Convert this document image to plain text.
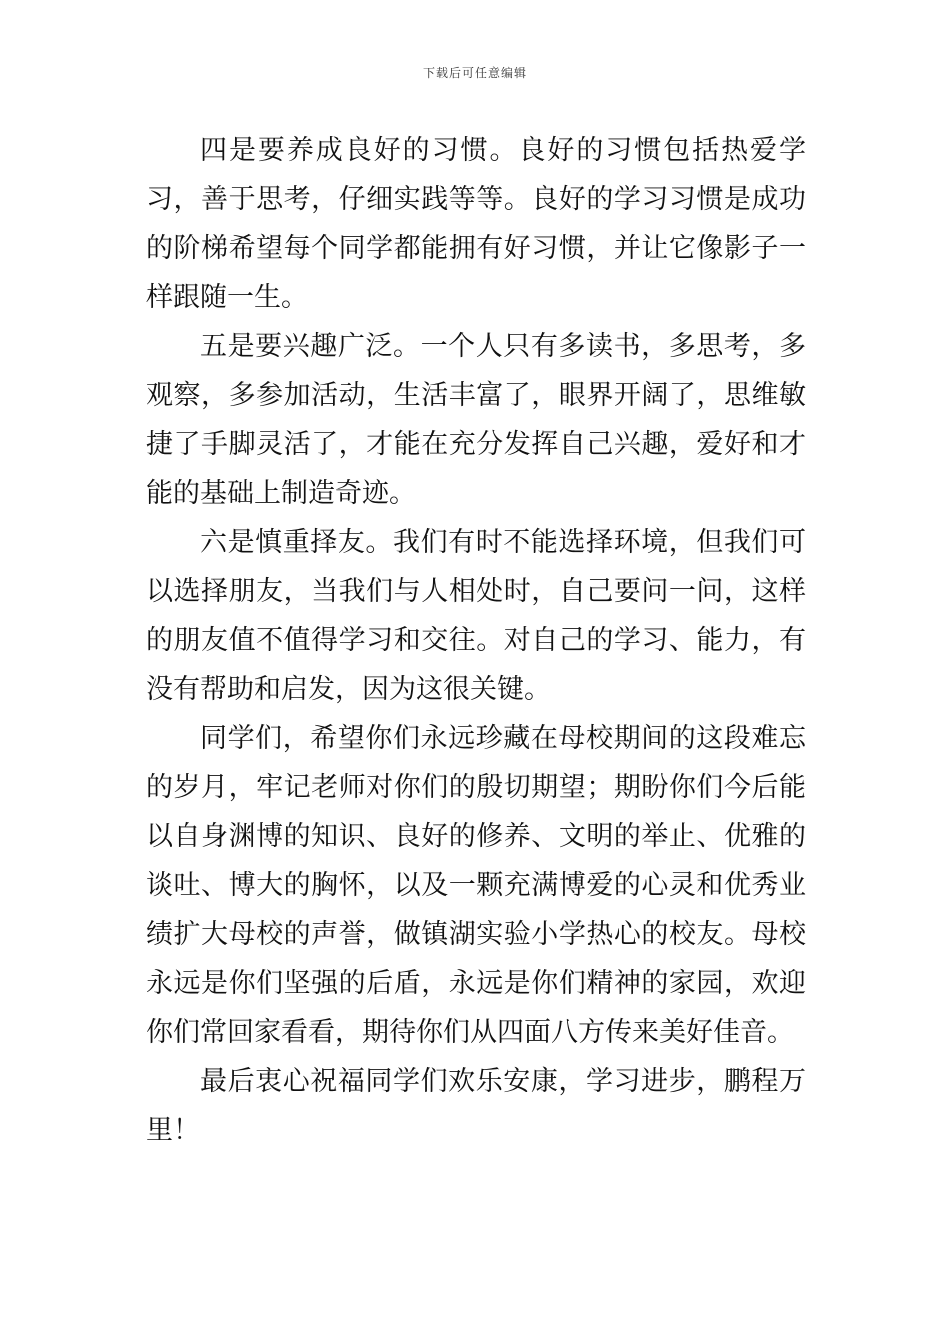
下载后可任意编辑

四是要养成良好的习惯。良好的习惯包括热爱学习，善于思考，仔细实践等等。良好的学习习惯是成功的阶梯希望每个同学都能拥有好习惯，并让它像影子一样跟随一生。

五是要兴趣广泛。一个人只有多读书，多思考，多观察，多参加活动，生活丰富了，眼界开阔了，思维敏捷了手脚灵活了，才能在充分发挥自己兴趣，爱好和才能的基础上制造奇迹。

六是慎重择友。我们有时不能选择环境，但我们可以选择朋友，当我们与人相处时，自己要问一问，这样的朋友值不值得学习和交往。对自己的学习、能力，有没有帮助和启发，因为这很关键。

同学们，希望你们永远珍藏在母校期间的这段难忘的岁月，牢记老师对你们的殷切期望；期盼你们今后能以自身渊博的知识、良好的修养、文明的举止、优雅的谈吐、博大的胸怀，以及一颗充满博爱的心灵和优秀业绩扩大母校的声誉，做镇湖实验小学热心的校友。母校永远是你们坚强的后盾，永远是你们精神的家园，欢迎你们常回家看看，期待你们从四面八方传来美好佳音。

最后衷心祝福同学们欢乐安康，学习进步，鹏程万里！
